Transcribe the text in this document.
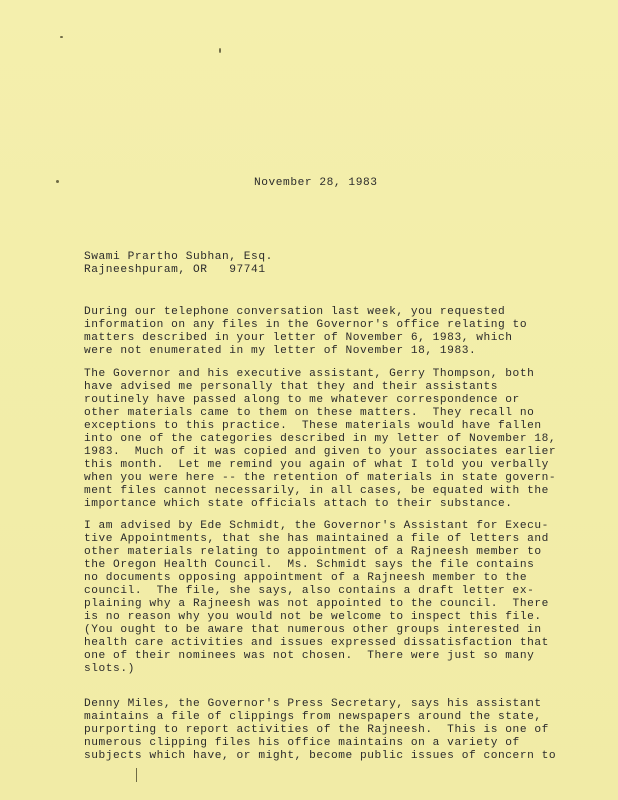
November 28, 1983
Swami Prartho Subhan, Esq.
Rajneeshpuram, OR   97741
During our telephone conversation last week, you requested
information on any files in the Governor's office relating to
matters described in your letter of November 6, 1983, which
were not enumerated in my letter of November 18, 1983.
The Governor and his executive assistant, Gerry Thompson, both
have advised me personally that they and their assistants
routinely have passed along to me whatever correspondence or
other materials came to them on these matters.  They recall no
exceptions to this practice.  These materials would have fallen
into one of the categories described in my letter of November 18,
1983.  Much of it was copied and given to your associates earlier
this month.  Let me remind you again of what I told you verbally
when you were here -- the retention of materials in state govern-
ment files cannot necessarily, in all cases, be equated with the
importance which state officials attach to their substance.
I am advised by Ede Schmidt, the Governor's Assistant for Execu-
tive Appointments, that she has maintained a file of letters and
other materials relating to appointment of a Rajneesh member to
the Oregon Health Council.  Ms. Schmidt says the file contains
no documents opposing appointment of a Rajneesh member to the
council.  The file, she says, also contains a draft letter ex-
plaining why a Rajneesh was not appointed to the council.  There
is no reason why you would not be welcome to inspect this file.
(You ought to be aware that numerous other groups interested in
health care activities and issues expressed dissatisfaction that
one of their nominees was not chosen.  There were just so many
slots.)
Denny Miles, the Governor's Press Secretary, says his assistant
maintains a file of clippings from newspapers around the state,
purporting to report activities of the Rajneesh.  This is one of
numerous clipping files his office maintains on a variety of
subjects which have, or might, become public issues of concern to
